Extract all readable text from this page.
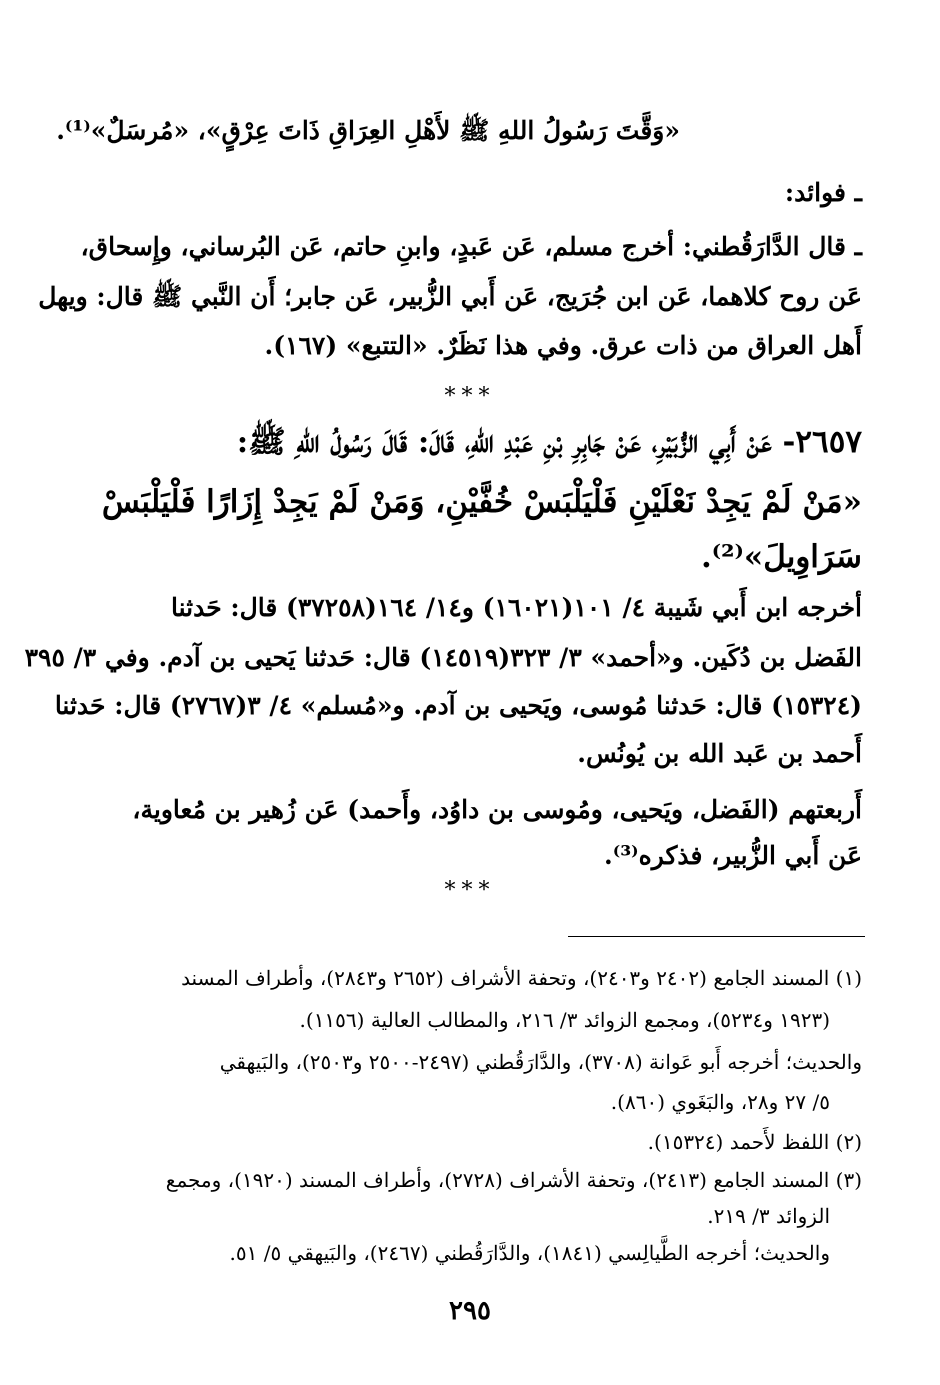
«وَقَّتَ رَسُولُ اللهِ ﷺ لأَهْلِ العِرَاقِ ذَاتَ عِرْقٍ»، «مُرسَلٌ»⁽¹⁾.
ـ فوائد:
ـ قال الدَّارَقُطني: أخرج مسلم، عَن عَبدٍ، وابنِ حاتم، عَن البُرساني، وإِسحاق،
عَن روح كلاهما، عَن ابن جُرَيج، عَن أَبي الزُّبير، عَن جابر؛ أَن النَّبي ﷺ قال: ويهل
أَهل العراق من ذات عرق. وفي هذا نَظَرٌ. «التتبع» (١٦٧).
***
٢٦٥٧- عَنْ أَبِي الزُّبَيْرِ، عَنْ جَابِرِ بْنِ عَبْدِ اللهِ، قَالَ: قَالَ رَسُولُ اللهِ ﷺ:
«مَنْ لَمْ يَجِدْ نَعْلَيْنِ فَلْيَلْبَسْ خُفَّيْنِ، وَمَنْ لَمْ يَجِدْ إِزَارًا فَلْيَلْبَسْ
سَرَاوِيلَ»⁽²⁾.
أخرجه ابن أَبي شَيبة ٤/ ١٠١(١٦٠٢١) و١٤/ ١٦٤(٣٧٢٥٨) قال: حَدثنا
الفَضل بن دُكَين. و«أحمد» ٣/ ٣٢٣(١٤٥١٩) قال: حَدثنا يَحيى بن آدم. وفي ٣/ ٣٩٥
(١٥٣٢٤) قال: حَدثنا مُوسى، ويَحيى بن آدم. و«مُسلم» ٤/ ٣(٢٧٦٧) قال: حَدثنا
أَحمد بن عَبد الله بن يُونُس.
أَربعتهم (الفَضل، ويَحيى، ومُوسى بن داوُد، وأَحمد) عَن زُهير بن مُعاوية،
عَن أَبي الزُّبير، فذكره⁽³⁾.
***
(١) المسند الجامع (٢٤٠٢ و٢٤٠٣)، وتحفة الأشراف (٢٦٥٢ و٢٨٤٣)، وأطراف المسند
(١٩٢٣ و٥٢٣٤)، ومجمع الزوائد ٣/ ٢١٦، والمطالب العالية (١١٥٦).
والحديث؛ أخرجه أَبو عَوانة (٣٧٠٨)، والدَّارَقُطني (٢٤٩٧-٢٥٠٠ و٢٥٠٣)، والبَيهقي
٥/ ٢٧ و٢٨، والبَغَوي (٨٦٠).
(٢) اللفظ لأَحمد (١٥٣٢٤).
(٣) المسند الجامع (٢٤١٣)، وتحفة الأشراف (٢٧٢٨)، وأطراف المسند (١٩٢٠)، ومجمع
الزوائد ٣/ ٢١٩.
والحديث؛ أخرجه الطَّيالِسي (١٨٤١)، والدَّارَقُطني (٢٤٦٧)، والبَيهقي ٥/ ٥١.
٢٩٥
